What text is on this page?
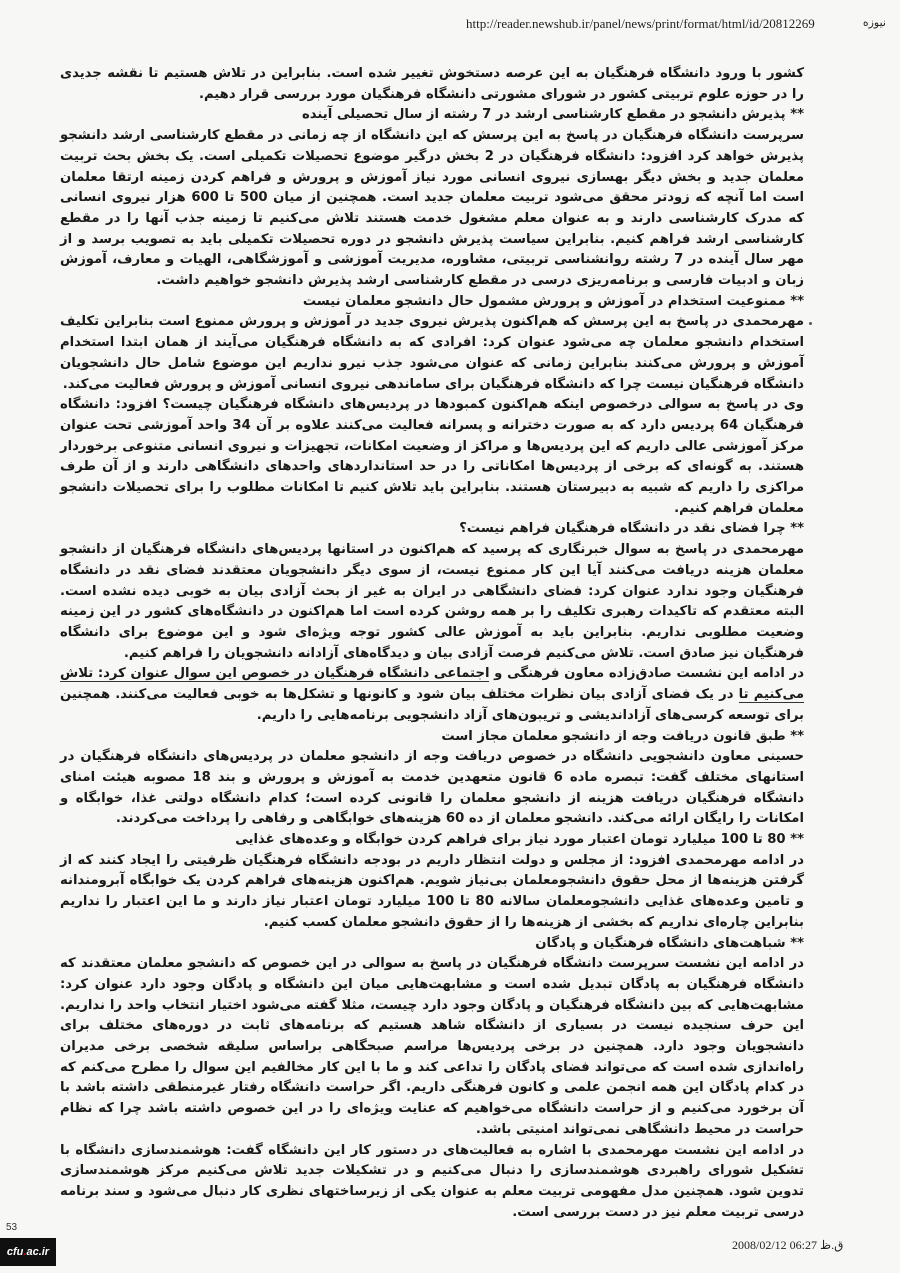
http://reader.newshub.ir/panel/news/print/format/html/id/20812269	نیوزه

کشور با ورود دانشگاه فرهنگیان به این عرصه دستخوش تغییر شده است. بنابراین در تلاش هستیم تا نقشه جدیدی را در حوزه علوم تربیتی کشور در شورای مشورتی دانشگاه فرهنگیان مورد بررسی قرار دهیم.

** پذیرش دانشجو در مقطع کارشناسی ارشد در 7 رشته از سال تحصیلی آینده

سرپرست دانشگاه فرهنگیان در پاسخ به این پرسش که این دانشگاه از چه زمانی در مقطع کارشناسی ارشد دانشجو پذیرش خواهد کرد افزود: دانشگاه فرهنگیان در 2 بخش درگیر موضوع تحصیلات تکمیلی است. یک بخش بحث تربیت معلمان جدید و بخش دیگر بهسازی نیروی انسانی مورد نیاز آموزش و پرورش و فراهم کردن زمینه ارتقا معلمان است اما آنچه که زودتر محقق می‌شود تربیت معلمان جدید است. همچنین از میان 500 تا 600 هزار نیروی انسانی که مدرک کارشناسی دارند و به عنوان معلم مشغول خدمت هستند تلاش می‌کنیم تا زمینه جذب آنها را در مقطع کارشناسی ارشد فراهم کنیم. بنابراین سیاست پذیرش دانشجو در دوره تحصیلات تکمیلی باید به تصویب برسد و از مهر سال آینده در 7 رشته روانشناسی تربیتی، مشاوره، مدیریت آموزشی و آموزشگاهی، الهیات و معارف، آموزش زبان و ادبیات فارسی و برنامه‌ریزی درسی در مقطع کارشناسی ارشد پذیرش دانشجو خواهیم داشت.

** ممنوعیت استخدام در آموزش و پرورش مشمول حال دانشجو معلمان نیست

مهرمحمدی در پاسخ به این پرسش که هم‌اکنون پذیرش نیروی جدید در آموزش و پرورش ممنوع است بنابراین تکلیف استخدام دانشجو معلمان چه می‌شود عنوان کرد: افرادی که به دانشگاه فرهنگیان می‌آیند از همان ابتدا استخدام آموزش و پرورش می‌کنند بنابراین زمانی که عنوان می‌شود جذب نیرو نداریم این موضوع شامل حال دانشجویان دانشگاه فرهنگیان نیست چرا که دانشگاه فرهنگیان برای ساماندهی نیروی انسانی آموزش و پرورش فعالیت می‌کند.

وی در پاسخ به سوالی درخصوص اینکه هم‌اکنون کمبودها در پردیس‌های دانشگاه فرهنگیان چیست؟ افزود: دانشگاه فرهنگیان 64 پردیس دارد که به صورت دخترانه و پسرانه فعالیت می‌کنند علاوه بر آن 34 واحد آموزشی تحت عنوان مرکز آموزشی عالی داریم که این پردیس‌ها و مراکز از وضعیت امکانات، تجهیزات و نیروی انسانی متنوعی برخوردار هستند. به گونه‌ای که برخی از پردیس‌ها امکاناتی را در حد استانداردهای واحدهای دانشگاهی دارند و از آن طرف مراکزی را داریم که شبیه به دبیرستان هستند. بنابراین باید تلاش کنیم تا امکانات مطلوب را برای تحصیلات دانشجو معلمان فراهم کنیم.

** چرا فضای نقد در دانشگاه فرهنگیان فراهم نیست؟

مهرمحمدی در پاسخ به سوال خبرنگاری که پرسید که هم‌اکنون در استانها پردیس‌های دانشگاه فرهنگیان از دانشجو معلمان هزینه دریافت می‌کنند آیا این کار ممنوع نیست، از سوی دیگر دانشجویان معتقدند فضای نقد در دانشگاه فرهنگیان وجود ندارد عنوان کرد: فضای دانشگاهی در ایران به غیر از بحث آزادی بیان به خوبی دیده نشده است. البته معتقدم که تاکیدات رهبری تکلیف را بر همه روشن کرده است اما هم‌اکنون در دانشگاه‌های کشور در این زمینه وضعیت مطلوبی نداریم. بنابراین باید به آموزش عالی کشور توجه ویژه‌ای شود و این موضوع برای دانشگاه فرهنگیان نیز صادق است. تلاش می‌کنیم فرصت آزادی بیان و دیدگاه‌های آزادانه دانشجویان را فراهم کنیم.

در ادامه این نشست صادق‌زاده معاون فرهنگی و اجتماعی دانشگاه فرهنگیان در خصوص این سوال عنوان کرد: تلاش می‌کنیم تا در یک فضای آزادی بیان نظرات مختلف بیان شود و کانونها و تشکل‌ها به خوبی فعالیت می‌کنند. همچنین برای توسعه کرسی‌های آزاداندیشی و تریبون‌های آزاد دانشجویی برنامه‌هایی را داریم.

** طبق قانون دریافت وجه از دانشجو معلمان مجاز است

حسینی معاون دانشجویی دانشگاه در خصوص دریافت وجه از دانشجو معلمان در پردیس‌های دانشگاه فرهنگیان در استانهای مختلف گفت: تبصره ماده 6 قانون متعهدین خدمت به آموزش و پرورش و بند 18 مصوبه هیئت امنای دانشگاه فرهنگیان دریافت هزینه از دانشجو معلمان را قانونی کرده است؛ کدام دانشگاه دولتی غذا، خوابگاه و امکانات را رایگان ارائه می‌کند. دانشجو معلمان از ده 60 هزینه‌های خوابگاهی و رفاهی را پرداخت می‌کردند.

** 80 تا 100 میلیارد تومان اعتبار مورد نیاز برای فراهم کردن خوابگاه و وعده‌های غذایی

در ادامه مهرمحمدی افزود: از مجلس و دولت انتظار داریم در بودجه دانشگاه فرهنگیان ظرفیتی را ایجاد کنند که از گرفتن هزینه‌ها از محل حقوق دانشجومعلمان بی‌نیاز شویم. هم‌اکنون هزینه‌های فراهم کردن یک خوابگاه آبرومندانه و تامین وعده‌های غذایی دانشجومعلمان سالانه 80 تا 100 میلیارد تومان اعتبار نیاز دارند و ما این اعتبار را نداریم بنابراین چاره‌ای نداریم که بخشی از هزینه‌ها را از حقوق دانشجو معلمان کسب کنیم.

** شباهت‌های دانشگاه فرهنگیان و پادگان

در ادامه این نشست سرپرست دانشگاه فرهنگیان در پاسخ به سوالی در این خصوص که دانشجو معلمان معتقدند که دانشگاه فرهنگیان به پادگان تبدیل شده است و مشابهت‌هایی میان این دانشگاه و پادگان وجود دارد عنوان کرد: مشابهت‌هایی که بین دانشگاه فرهنگیان و پادگان وجود دارد چیست، مثلا گفته می‌شود اختیار انتخاب واحد را نداریم. این حرف سنجیده نیست در بسیاری از دانشگاه شاهد هستیم که برنامه‌های ثابت در دوره‌های مختلف برای دانشجویان وجود دارد. همچنین در برخی پردیس‌ها مراسم صبحگاهی براساس سلیقه شخصی برخی مدیران راه‌اندازی شده است که می‌تواند فضای پادگان را تداعی کند و ما با این کار مخالفیم این سوال را مطرح می‌کنم که در کدام پادگان این همه انجمن علمی و کانون فرهنگی داریم. اگر حراست دانشگاه رفتار غیرمنطقی داشته باشد با آن برخورد می‌کنیم و از حراست دانشگاه می‌خواهیم که عنایت ویژه‌ای را در این خصوص داشته باشد چرا که نظام حراست در محیط دانشگاهی نمی‌تواند امنیتی باشد.

در ادامه این نشست مهرمحمدی با اشاره به فعالیت‌های در دستور کار این دانشگاه گفت: هوشمندسازی دانشگاه با تشکیل شورای راهبردی هوشمندسازی را دنبال می‌کنیم و در تشکیلات جدید تلاش می‌کنیم مرکز هوشمندسازی تدوین شود. همچنین مدل مفهومی تربیت معلم به عنوان یکی از زیرساختهای نظری کار دنبال می‌شود و سند برنامه درسی تربیت معلم نیز در دست بررسی است.

53
cfu . ac.ir	ق.ظ 06:27 2008/02/12
